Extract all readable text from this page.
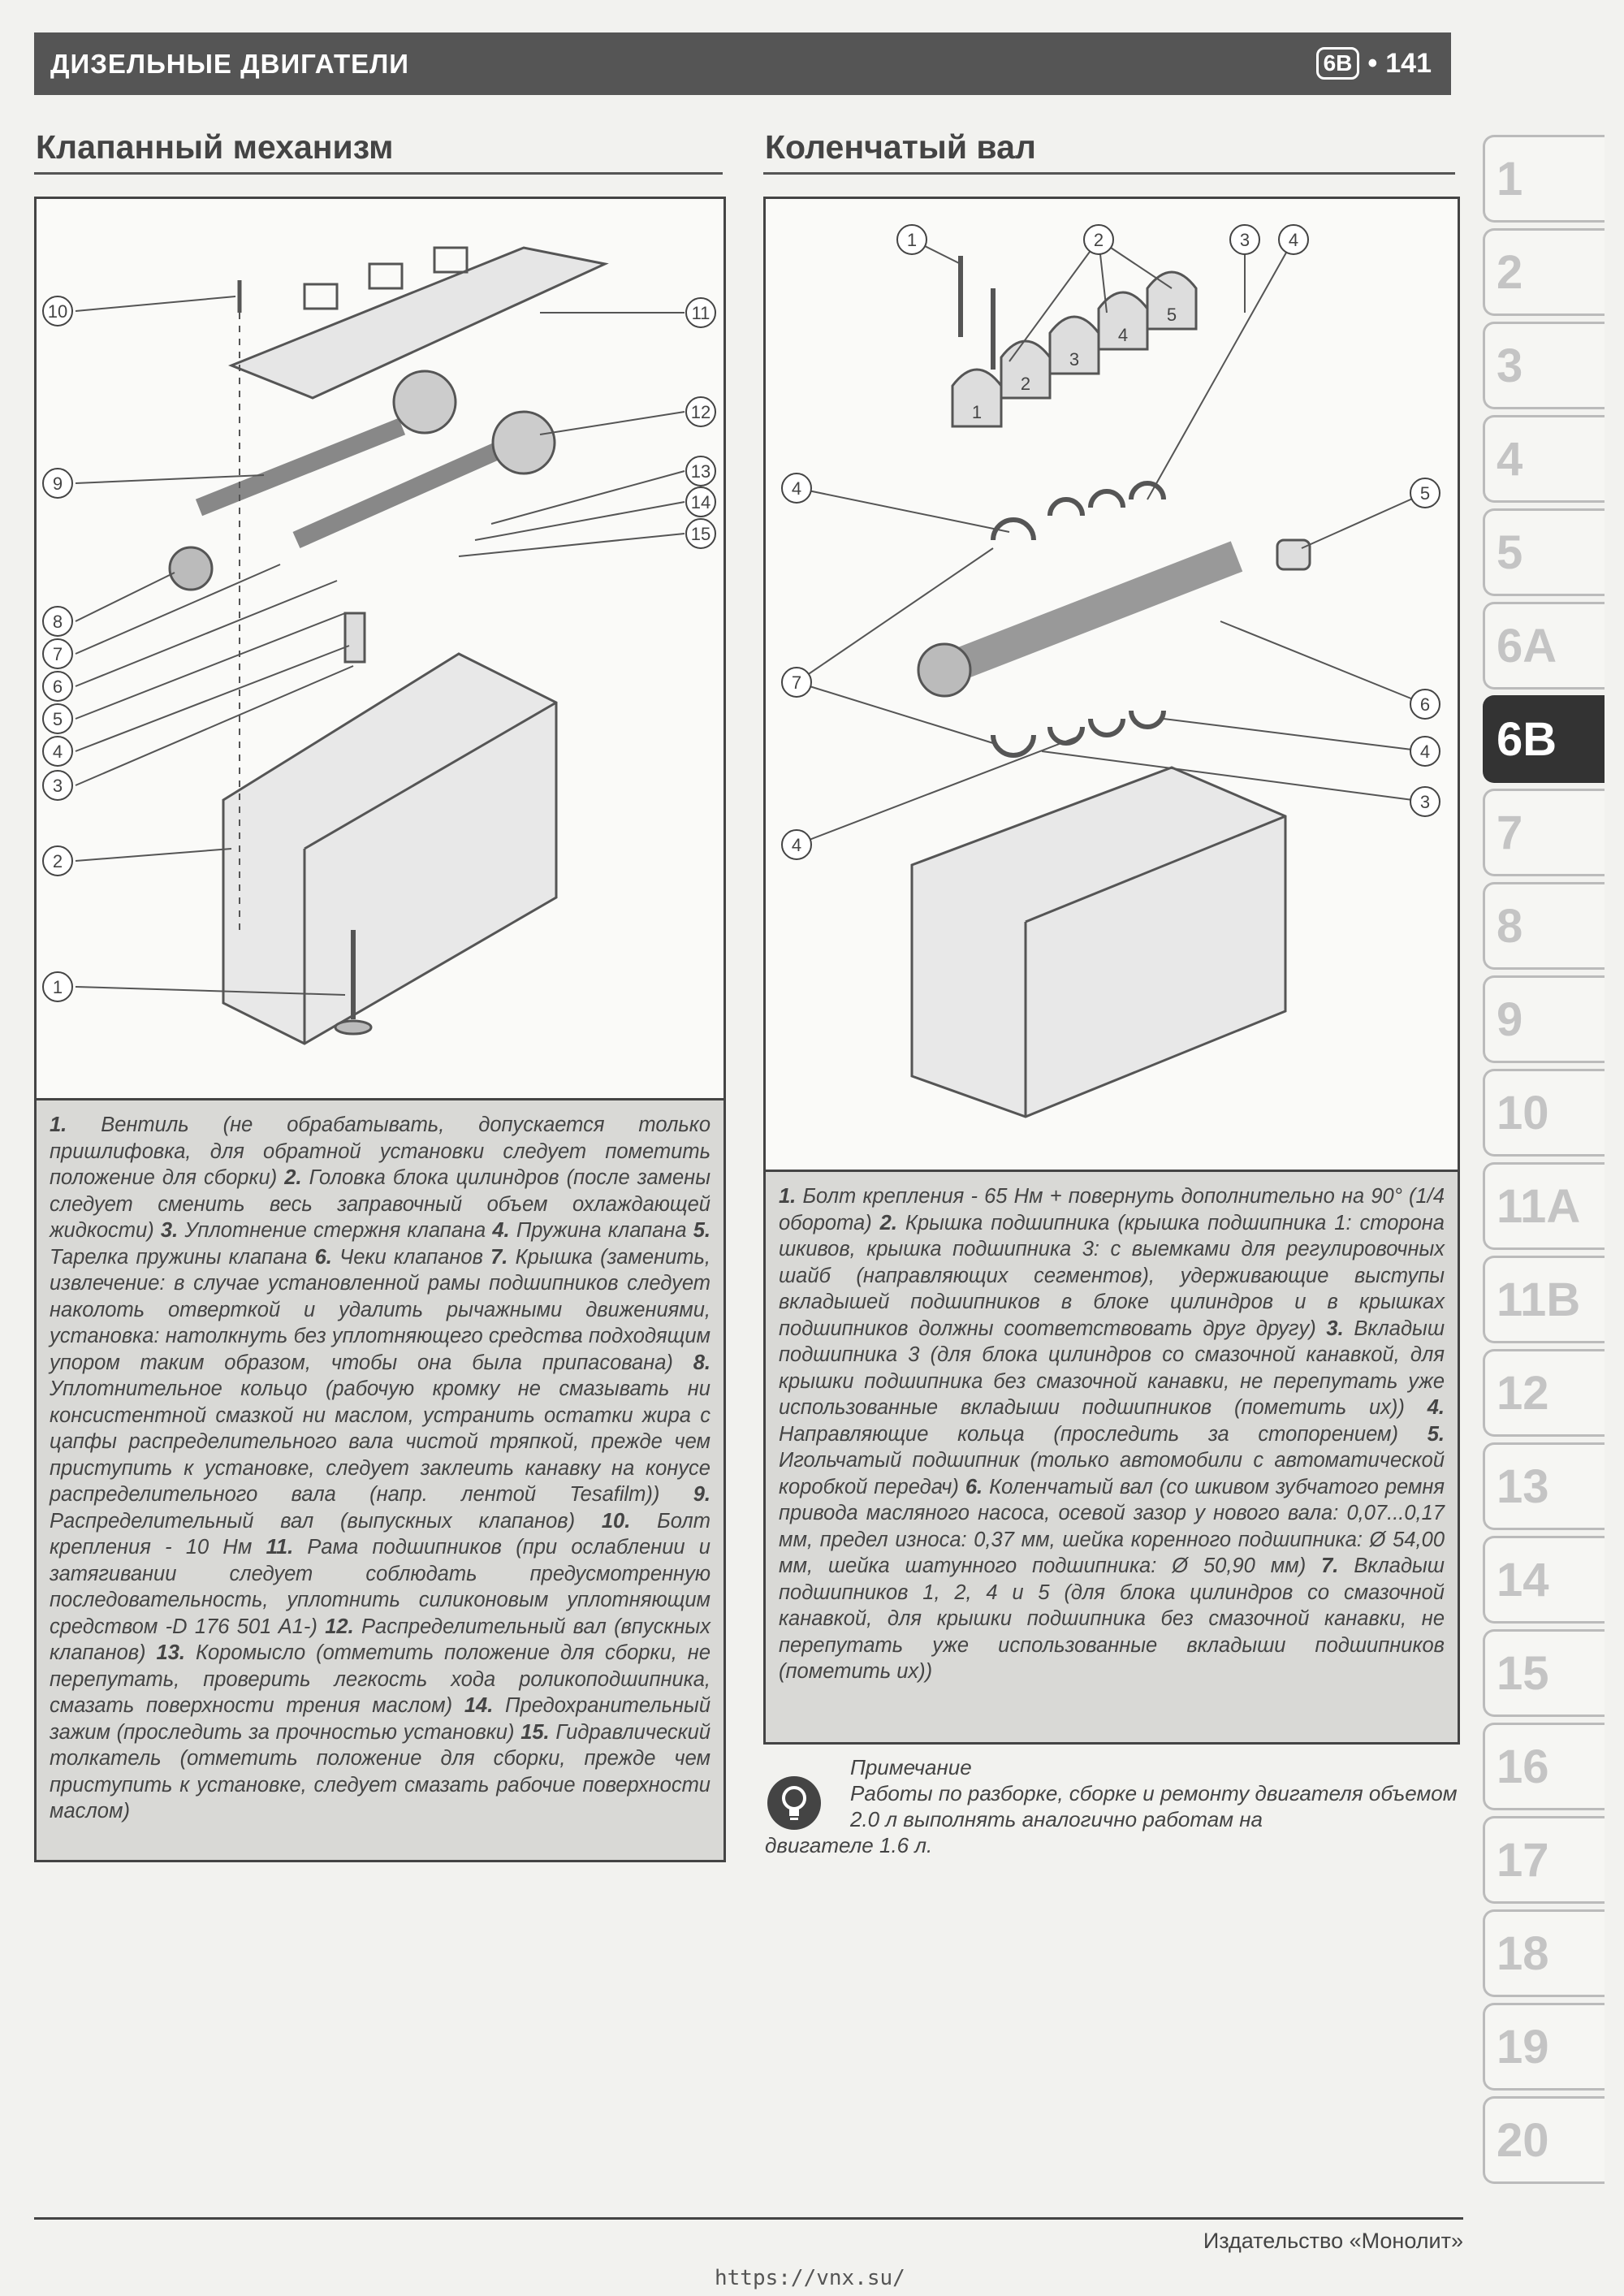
ДИЗЕЛЬНЫЕ ДВИГАТЕЛИ	6B • 141
Клапанный механизм
10	11
12
9
13
14
15
8
7
6
5
4
3
2
1
1. Вентиль (не обрабатывать, допускается только пришлифовка, для обратной установки следует пометить положение для сборки) 2. Головка блока цилиндров (после замены следует сменить весь заправочный объем охлаждающей жидкости) 3. Уплотнение стержня клапана 4. Пружина клапана 5. Тарелка пружины клапана 6. Чеки клапанов 7. Крышка (заменить, извлечение: в случае установленной рамы подшипников следует наколоть отверткой и удалить рычажными движениями, установка: натолкнуть без уплотняющего средства подходящим упором таким образом, чтобы она была припасована) 8. Уплотнительное кольцо (рабочую кромку не смазывать ни консистентной смазкой ни маслом, устранить остатки жира с цапфы распределительного вала чистой тряпкой, прежде чем приступить к установке, следует заклеить канавку на конусе распределительного вала (напр. лентой Tesafilm)) 9. Распределительный вал (выпускных клапанов) 10. Болт крепления - 10 Нм 11. Рама подшипников (при ослаблении и затягивании следует соблюдать предусмотренную последовательность, уплотнить силиконовым уплотняющим средством -D 176 501 A1-) 12. Распределительный вал (впускных клапанов) 13. Коромысло (отметить положение для сборки, не перепутать, проверить легкость хода роликоподшипника, смазать поверхности трения маслом) 14. Предохранительный зажим (проследить за прочностью установки) 15. Гидравлический толкатель (отметить положение для сборки, прежде чем приступить к установке, следует смазать рабочие поверхности маслом)
Коленчатый вал
1
2
3
4
5
1	2	3 4
4	5
7
6
4
3
4
1. Болт крепления - 65 Нм + повернуть дополнительно на 90° (1/4 оборота) 2. Крышка подшипника (крышка подшипника 1: сторона шкивов, крышка подшипника 3: с выемками для регулировочных шайб (направляющих сегментов), удерживающие выступы вкладышей подшипников в блоке цилиндров и в крышках подшипников должны соответствовать друг другу) 3. Вкладыш подшипника 3 (для блока цилиндров со смазочной канавкой, для крышки подшипника без смазочной канавки, не перепутать уже использованные вкладыши подшипников (пометить их)) 4. Направляющие кольца (проследить за стопорением) 5. Игольчатый подшипник (только автомобили с автоматической коробкой передач) 6. Коленчатый вал (со шкивом зубчатого ремня привода масляного насоса, осевой зазор у нового вала: 0,07...0,17 мм, предел износа: 0,37 мм, шейка коренного подшипника: Ø 54,00 мм, шейка шатунного подшипника: Ø 50,90 мм) 7. Вкладыш подшипников 1, 2, 4 и 5 (для блока цилиндров со смазочной канавкой, для крышки подшипника без смазочной канавки, не перепутать уже использованные вкладыши подшипников (пометить их))
Примечание
Работы по разборке, сборке и ремонту двигателя объемом 2.0 л выполнять аналогично работам на
двигателе 1.6 л.
1
2
3
4
5
6A
6B
7
8
9
10
11A
11B
12
13
14
15
16
17
18
19
20
Издательство «Монолит»
https://vnx.su/
